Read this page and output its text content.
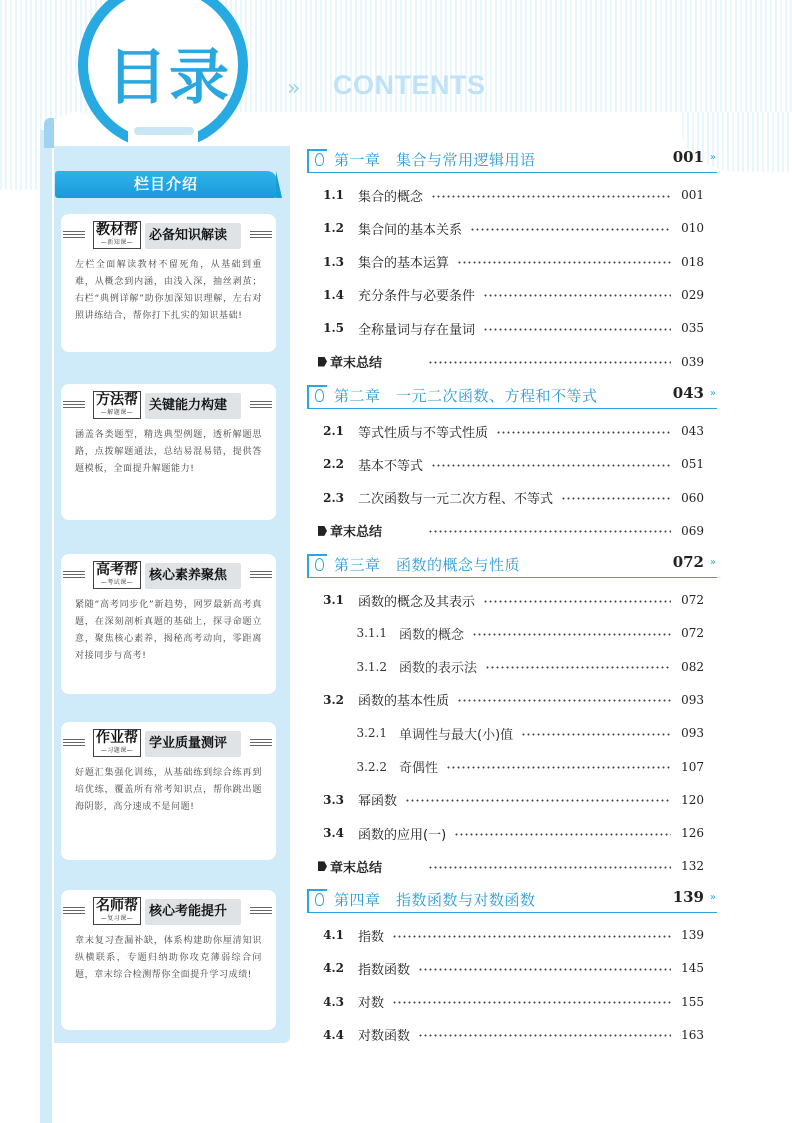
目录	» CONTENTS
栏目介绍
教材帮
—新知课—	必备知识解读
左栏全面解读教材不留死角，从基础到重难，从概念到内涵，由浅入深，抽丝剥茧；右栏“典例详解”助你加深知识理解，左右对照讲练结合，帮你打下扎实的知识基础!
方法帮
—解题课—	关键能力构建
涵盖各类题型，精选典型例题，透析解题思路，点拨解题通法，总结易混易错，提供答题模板，全面提升解题能力!
高考帮
—考试课—	核心素养聚焦
紧随“高考同步化”新趋势，网罗最新高考真题，在深刻剖析真题的基础上，探寻命题立意，聚焦核心素养，揭秘高考动向，零距离对接同步与高考!
作业帮
—习题课—	学业质量测评
好题汇集强化训练，从基础练到综合练再到培优练，覆盖所有常考知识点，帮你跳出题海阴影，高分速成不是问题!
名师帮
—复习课—	核心考能提升
章末复习查漏补缺，体系构建助你厘清知识纵横联系，专题归纳助你攻克薄弱综合问题，章末综合检测帮你全面提升学习成绩!
第一章　集合与常用逻辑用语	001 »
1.1 集合的概念	001
1.2 集合间的基本关系	010
1.3 集合的基本运算	018
1.4 充分条件与必要条件	029
1.5 全称量词与存在量词	035
章末总结	039
第二章　一元二次函数、方程和不等式	043 »
2.1 等式性质与不等式性质	043
2.2 基本不等式	051
2.3 二次函数与一元二次方程、不等式	060
章末总结	069
第三章　函数的概念与性质	072 »
3.1 函数的概念及其表示	072
3.1.1 函数的概念	072
3.1.2 函数的表示法	082
3.2 函数的基本性质	093
3.2.1 单调性与最大(小)值	093
3.2.2 奇偶性	107
3.3 幂函数	120
3.4 函数的应用(一)	126
章末总结	132
第四章　指数函数与对数函数	139 »
4.1 指数	139
4.2 指数函数	145
4.3 对数	155
4.4 对数函数	163
